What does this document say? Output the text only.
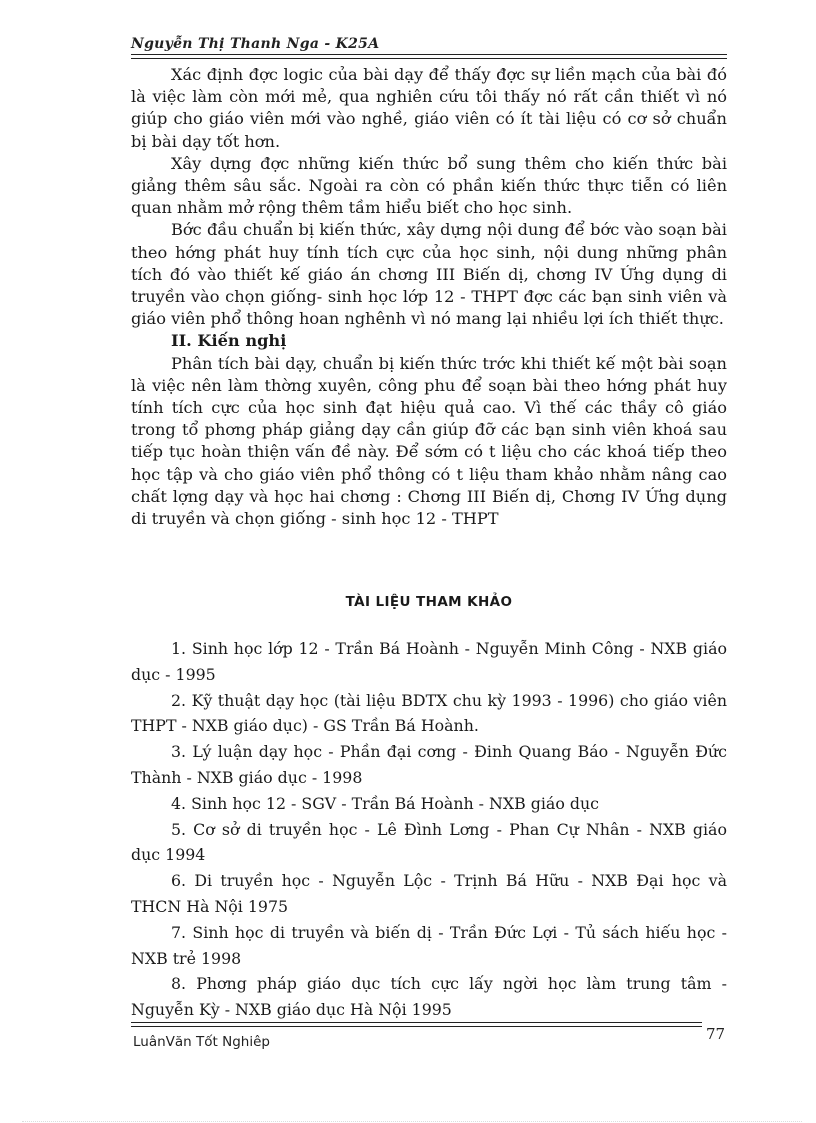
Nguyễn Thị Thanh Nga - K25A

Xác định đợc logic của bài dạy để thấy đợc sự liền mạch của bài đó là việc làm còn mới mẻ, qua nghiên cứu tôi thấy nó rất cần thiết vì nó giúp cho giáo viên mới vào nghề, giáo viên có ít tài liệu có cơ sở chuẩn bị bài dạy tốt hơn.

Xây dựng đợc những kiến thức bổ sung thêm cho kiến thức bài giảng thêm sâu sắc. Ngoài ra còn có phần kiến thức thực tiễn có liên quan nhằm mở rộng thêm tầm hiểu biết cho học sinh.

Bớc đầu chuẩn bị kiến thức, xây dựng nội dung để bớc vào soạn bài theo hớng phát huy tính tích cực của học sinh, nội dung những phân tích đó vào thiết kế giáo án chơng III Biến dị, chơng IV Ứng dụng di truyền vào chọn giống- sinh học lớp 12 - THPT đợc các bạn sinh viên và giáo viên phổ thông hoan nghênh vì nó mang lại nhiều lợi ích thiết thực.

II. Kiến nghị

Phân tích bài dạy, chuẩn bị kiến thức trớc khi thiết kế một bài soạn là việc nên làm thờng xuyên, công phu để soạn bài theo hớng phát huy tính tích cực của học sinh đạt hiệu quả cao. Vì thế các thầy cô giáo trong tổ phơng pháp giảng dạy cần giúp đỡ các bạn sinh viên khoá sau tiếp tục hoàn thiện vấn đề này. Để sớm có t liệu cho các khoá tiếp theo học tập và cho giáo viên phổ thông có t liệu tham khảo nhằm nâng cao chất lợng dạy và học hai chơng : Chơng III Biến dị, Chơng IV Ứng dụng di truyền và chọn giống - sinh học 12 - THPT

TÀI LIỆU THAM KHẢO

1. Sinh học lớp 12 - Trần Bá Hoành - Nguyễn Minh Công - NXB giáo dục - 1995

2. Kỹ thuật dạy học (tài liệu BDTX chu kỳ 1993 - 1996) cho giáo viên THPT - NXB giáo dục) - GS Trần Bá Hoành.

3. Lý luận dạy học - Phần đại cơng - Đinh Quang Báo - Nguyễn Đức Thành - NXB giáo dục - 1998

4. Sinh học 12 - SGV - Trần Bá Hoành - NXB giáo dục

5. Cơ sở di truyền học - Lê Đình Lơng - Phan Cự Nhân - NXB giáo dục 1994

6. Di truyền học - Nguyễn Lộc - Trịnh Bá Hữu - NXB Đại học và THCN Hà Nội 1975

7. Sinh học di truyền và biến dị - Trần Đức Lợi - Tủ sách hiếu học - NXB trẻ 1998

8. Phơng pháp giáo dục tích cực lấy ngời học làm trung tâm - Nguyễn Kỳ - NXB giáo dục Hà Nội 1995

LuânVăn Tốt Nghiêp	77
